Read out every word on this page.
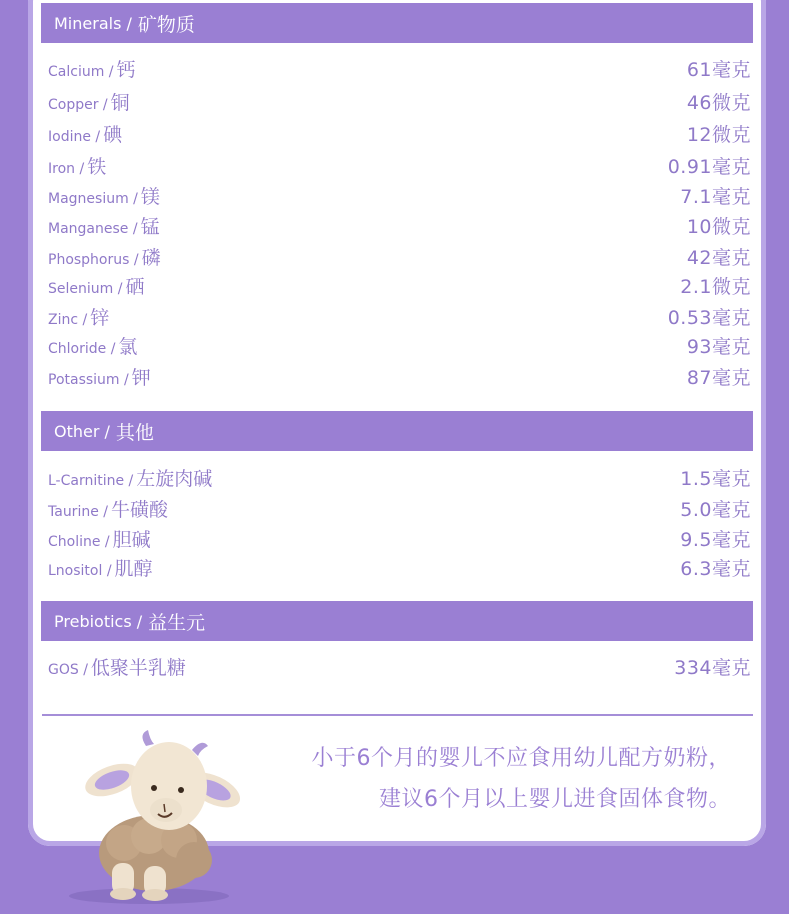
Minerals / 矿物质
Calcium / 钙	61毫克
Copper / 铜	46微克
Iodine / 碘	12微克
Iron / 铁	0.91毫克
Magnesium / 镁	7.1毫克
Manganese / 锰	10微克
Phosphorus / 磷	42毫克
Selenium / 硒	2.1微克
Zinc / 锌	0.53毫克
Chloride / 氯	93毫克
Potassium / 钾	87毫克
Other / 其他
L-Carnitine / 左旋肉碱	1.5毫克
Taurine / 牛磺酸	5.0毫克
Choline / 胆碱	9.5毫克
Lnositol / 肌醇	6.3毫克
Prebiotics / 益生元
GOS / 低聚半乳糖	334毫克
小于6个月的婴儿不应食用幼儿配方奶粉，
建议6个月以上婴儿进食固体食物。
